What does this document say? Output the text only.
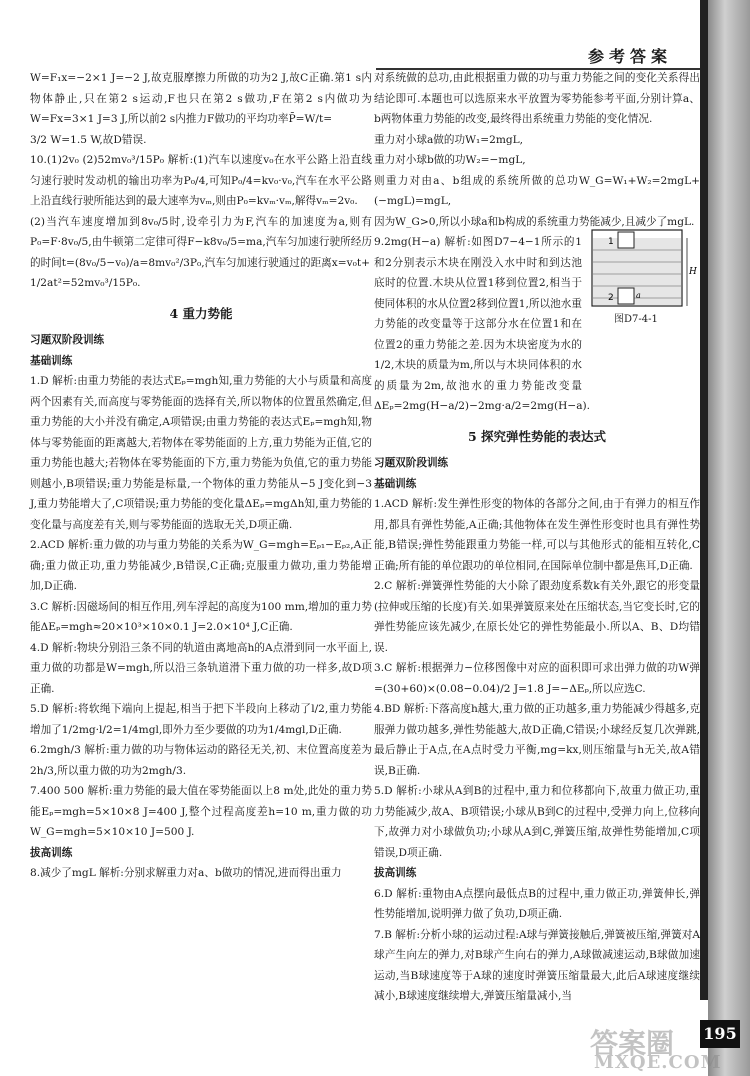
参考答案

W=F₁x=−2×1 J=−2 J,故克服摩擦力所做的功为2 J,故C正确.第1 s内物体静止,只在第2 s运动,F也只在第2 s做功,F在第2 s内做功为W=Fx=3×1 J=3 J,所以前2 s内推力F做功的平均功率P̄=W/t=

3/2 W=1.5 W,故D错误.

10.(1)2v₀ (2)52mv₀³/15P₀ 解析:(1)汽车以速度v₀在水平公路上沿直线匀速行驶时发动机的输出功率为P₀/4,可知P₀/4=kv₀·v₀,汽车在水平公路上沿直线行驶所能达到的最大速率为vₘ,则由P₀=kvₘ·vₘ,解得vₘ=2v₀.

(2)当汽车速度增加到8v₀/5时,设牵引力为F,汽车的加速度为a,则有P₀=F·8v₀/5,由牛顿第二定律可得F−k8v₀/5=ma,汽车匀加速行驶所经历的时间t=(8v₀/5−v₀)/a=8mv₀²/3P₀,汽车匀加速行驶通过的距离x=v₀t+

1/2at²=52mv₀³/15P₀.

4 重力势能

习题双阶段训练

基础训练

1.D 解析:由重力势能的表达式Eₚ=mgh知,重力势能的大小与质量和高度两个因素有关,而高度与零势能面的选择有关,所以物体的位置虽然确定,但重力势能的大小并没有确定,A项错误;由重力势能的表达式Eₚ=mgh知,物体与零势能面的距离越大,若物体在零势能面的上方,重力势能为正值,它的重力势能也越大;若物体在零势能面的下方,重力势能为负值,它的重力势能则越小,B项错误;重力势能是标量,一个物体的重力势能从−5 J变化到−3 J,重力势能增大了,C项错误;重力势能的变化量ΔEₚ=mgΔh知,重力势能的变化量与高度差有关,则与零势能面的选取无关,D项正确.

2.ACD 解析:重力做的功与重力势能的关系为W_G=mgh=Eₚ₁−Eₚ₂,A正确;重力做正功,重力势能减少,B错误,C正确;克服重力做功,重力势能增加,D正确.

3.C 解析:因磁场间的相互作用,列车浮起的高度为100 mm,增加的重力势能ΔEₚ=mgh≈20×10³×10×0.1 J=2.0×10⁴ J,C正确.

4.D 解析:物块分别沿三条不同的轨道由离地高h的A点滑到同一水平面上,重力做的功都是W=mgh,所以沿三条轨道滑下重力做的功一样多,故D项正确.

5.D 解析:将软绳下端向上提起,相当于把下半段向上移动了l/2,重力势能增加了1/2mg·l/2=1/4mgl,即外力至少要做的功为1/4mgl,D正确.

6.2mgh/3 解析:重力做的功与物体运动的路径无关,初、末位置高度差为2h/3,所以重力做的功为2mgh/3.

7.400 500 解析:重力势能的最大值在零势能面以上8 m处,此处的重力势能Eₚ=mgh=5×10×8 J=400 J,整个过程高度差h=10 m,重力做的功W_G=mgh=5×10×10 J=500 J.

拔高训练

8.减少了mgL 解析:分别求解重力对a、b做功的情况,进而得出重力

对系统做的总功,由此根据重力做的功与重力势能之间的变化关系得出结论即可.本题也可以选原来水平放置为零势能参考平面,分别计算a、b两物体重力势能的改变,最终得出系统重力势能的变化情况.

重力对小球a做的功W₁=2mgL,

重力对小球b做的功W₂=−mgL,

则重力对由a、b组成的系统所做的总功W_G=W₁+W₂=2mgL+(−mgL)=mgL,

因为W_G>0,所以小球a和b构成的系统重力势能减少,且减少了mgL.

9.2mg(H−a) 解析:如图D7−4−1所示的1和2分别表示木块在刚没入水中时和到达池底时的位置.木块从位置1移到位置2,相当于使同体积的水从位置2移到位置1,所以池水重力势能的改变量等于这部分水在位置1和在位置2的重力势能之差.因为木块密度为水的1/2,木块的质量为m,所以与木块同体积的水的质量为2m,故池水的重力势能改变量ΔEₚ=2mg(H−a/2)−2mg·a/2=2mg(H−a).

5 探究弹性势能的表达式

习题双阶段训练

基础训练

1.ACD 解析:发生弹性形变的物体的各部分之间,由于有弹力的相互作用,都具有弹性势能,A正确;其他物体在发生弹性形变时也具有弹性势能,B错误;弹性势能跟重力势能一样,可以与其他形式的能相互转化,C正确;所有能的单位跟功的单位相同,在国际单位制中都是焦耳,D正确.

2.C 解析:弹簧弹性势能的大小除了跟劲度系数k有关外,跟它的形变量(拉伸或压缩的长度)有关.如果弹簧原来处在压缩状态,当它变长时,它的弹性势能应该先减少,在原长处它的弹性势能最小.所以A、B、D均错误.

3.C 解析:根据弹力−位移图像中对应的面积即可求出弹力做的功W弹=(30+60)×(0.08−0.04)/2 J=1.8 J=−ΔEₚ,所以应选C.

4.BD 解析:下落高度h越大,重力做的正功越多,重力势能减少得越多,克服弹力做功越多,弹性势能越大,故D正确,C错误;小球经反复几次弹跳,最后静止于A点,在A点时受力平衡,mg=kx,则压缩量与h无关,故A错误,B正确.

5.D 解析:小球从A到B的过程中,重力和位移都向下,故重力做正功,重力势能减少,故A、B项错误;小球从B到C的过程中,受弹力向上,位移向下,故弹力对小球做负功;小球从A到C,弹簧压缩,故弹性势能增加,C项错误,D项正确.

拔高训练

6.D 解析:重物由A点摆向最低点B的过程中,重力做正功,弹簧伸长,弹性势能增加,说明弹力做了负功,D项正确.

7.B 解析:分析小球的运动过程:A球与弹簧接触后,弹簧被压缩,弹簧对A球产生向左的弹力,对B球产生向右的弹力,A球做减速运动,B球做加速运动,当B球速度等于A球的速度时弹簧压缩量最大,此后A球速度继续减小,B球速度继续增大,弹簧压缩量减小,当

1
2
H
a
图D7-4-1
195
答案圈
MXQE.COM
